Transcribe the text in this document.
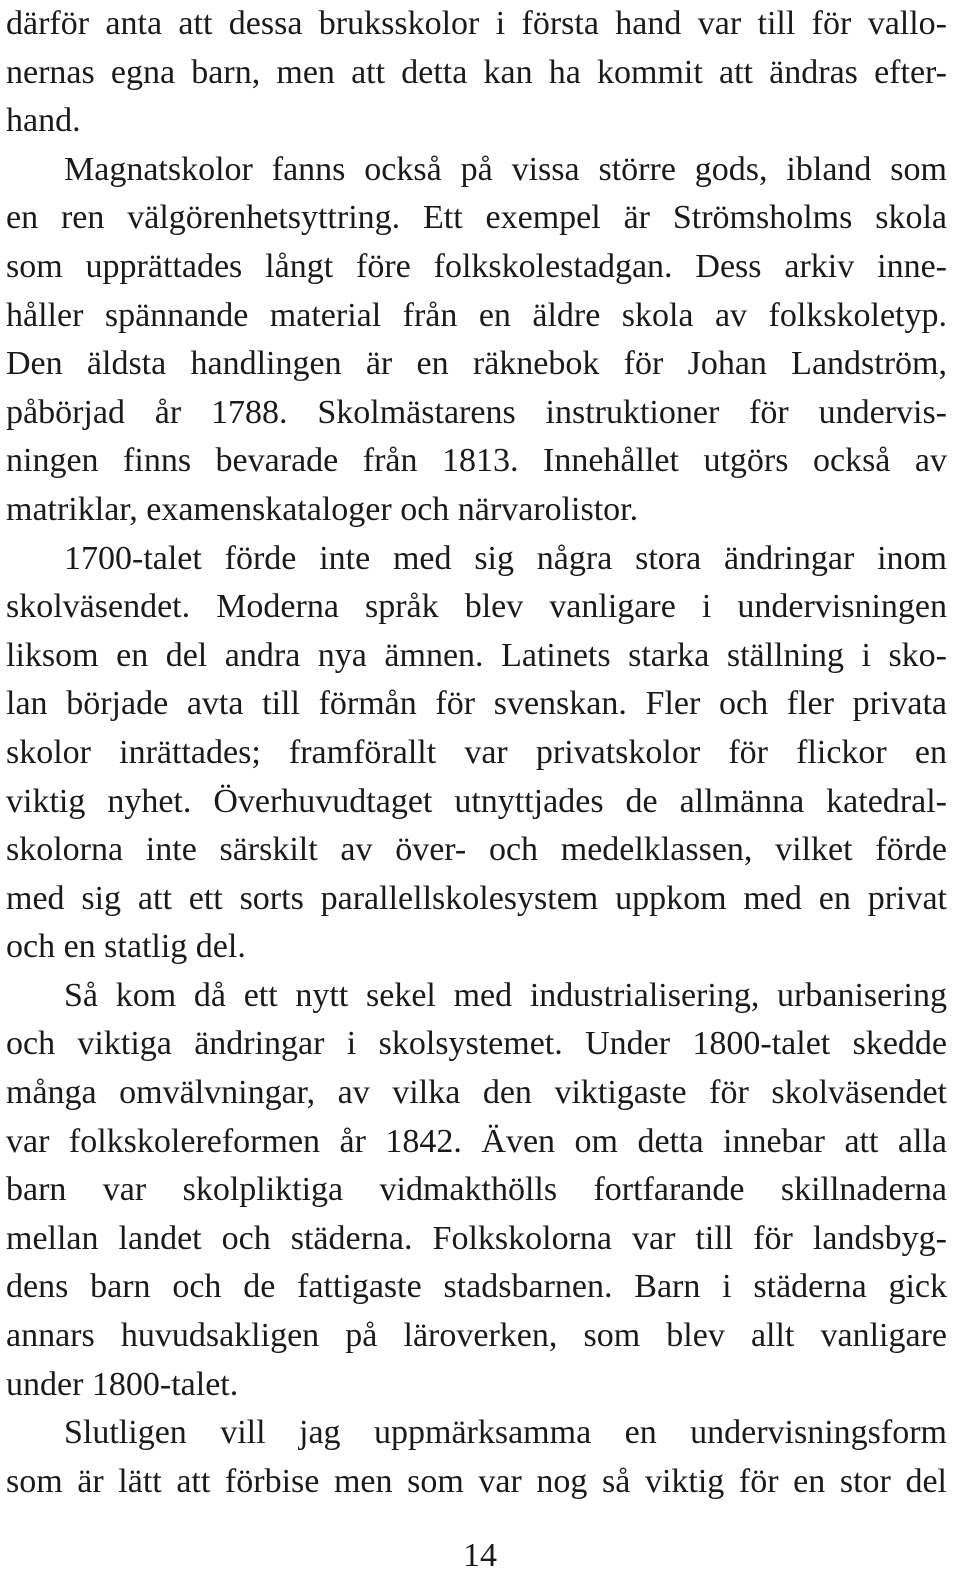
därför anta att dessa bruksskolor i första hand var till för vallo-
nernas egna barn, men att detta kan ha kommit att ändras efter-
hand.
Magnatskolor fanns också på vissa större gods, ibland som
en ren välgörenhetsyttring. Ett exempel är Strömsholms skola
som upprättades långt före folkskolestadgan. Dess arkiv inne-
håller spännande material från en äldre skola av folkskoletyp.
Den äldsta handlingen är en räknebok för Johan Landström,
påbörjad år 1788. Skolmästarens instruktioner för undervis-
ningen finns bevarade från 1813. Innehållet utgörs också av
matriklar, examenskataloger och närvarolistor.
1700-talet förde inte med sig några stora ändringar inom
skolväsendet. Moderna språk blev vanligare i undervisningen
liksom en del andra nya ämnen. Latinets starka ställning i sko-
lan började avta till förmån för svenskan. Fler och fler privata
skolor inrättades; framförallt var privatskolor för flickor en
viktig nyhet. Överhuvudtaget utnyttjades de allmänna katedral-
skolorna inte särskilt av över- och medelklassen, vilket förde
med sig att ett sorts parallellskolesystem uppkom med en privat
och en statlig del.
Så kom då ett nytt sekel med industrialisering, urbanisering
och viktiga ändringar i skolsystemet. Under 1800-talet skedde
många omvälvningar, av vilka den viktigaste för skolväsendet
var folkskolereformen år 1842. Även om detta innebar att alla
barn var skolpliktiga vidmakthölls fortfarande skillnaderna
mellan landet och städerna. Folkskolorna var till för landsbyg-
dens barn och de fattigaste stadsbarnen. Barn i städerna gick
annars huvudsakligen på läroverken, som blev allt vanligare
under 1800-talet.
Slutligen vill jag uppmärksamma en undervisningsform
som är lätt att förbise men som var nog så viktig för en stor del
14
